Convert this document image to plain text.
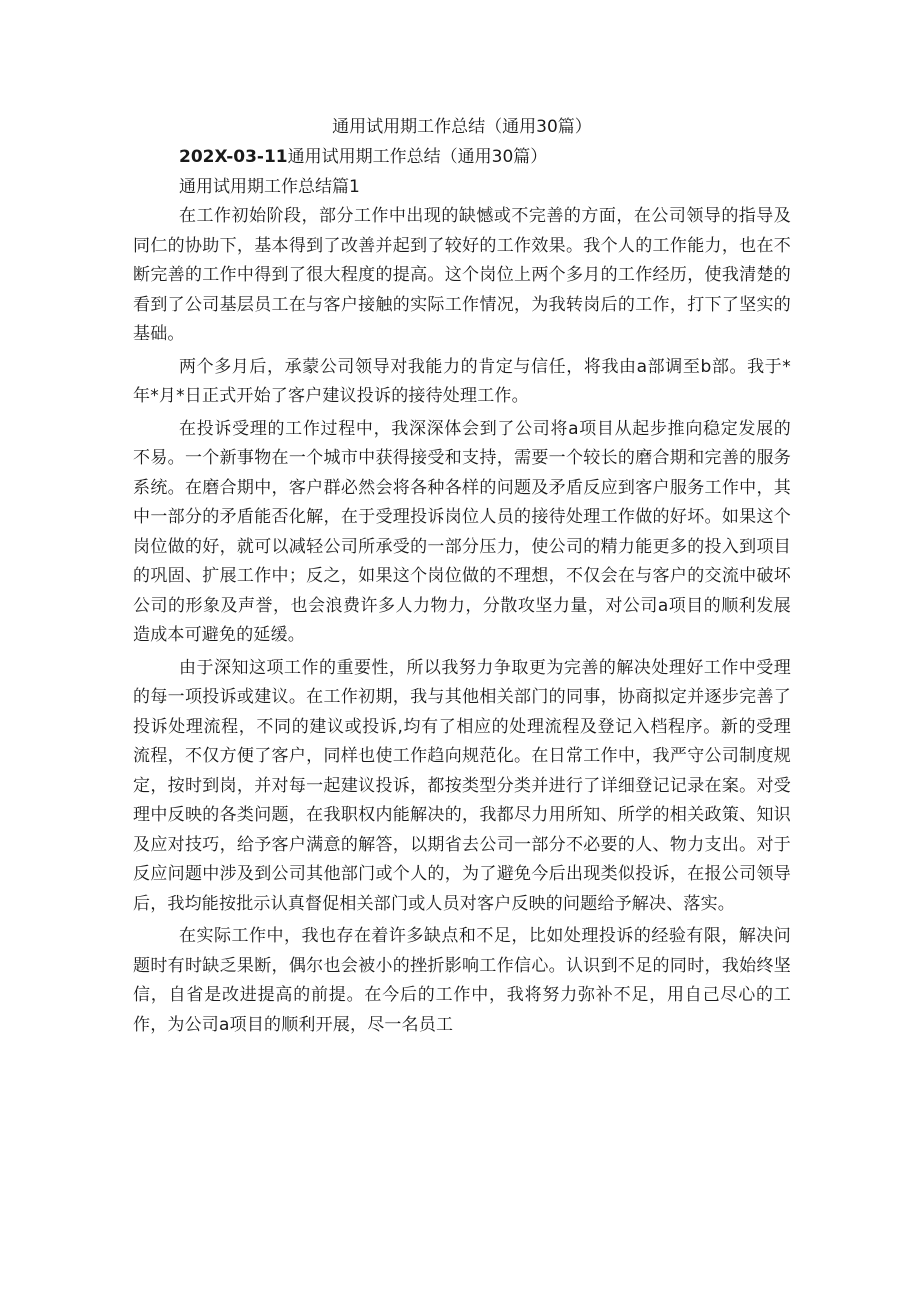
通用试用期工作总结（通用30篇）

202X-03-11通用试用期工作总结（通用30篇）

通用试用期工作总结篇1

在工作初始阶段，部分工作中出现的缺憾或不完善的方面，在公司领导的指导及同仁的协助下，基本得到了改善并起到了较好的工作效果。我个人的工作能力，也在不断完善的工作中得到了很大程度的提高。这个岗位上两个多月的工作经历，使我清楚的看到了公司基层员工在与客户接触的实际工作情况，为我转岗后的工作，打下了坚实的基础。

两个多月后，承蒙公司领导对我能力的肯定与信任，将我由a部调至b部。我于*年*月*日正式开始了客户建议投诉的接待处理工作。

在投诉受理的工作过程中，我深深体会到了公司将a项目从起步推向稳定发展的不易。一个新事物在一个城市中获得接受和支持，需要一个较长的磨合期和完善的服务系统。在磨合期中，客户群必然会将各种各样的问题及矛盾反应到客户服务工作中，其中一部分的矛盾能否化解，在于受理投诉岗位人员的接待处理工作做的好坏。如果这个岗位做的好，就可以减轻公司所承受的一部分压力，使公司的精力能更多的投入到项目的巩固、扩展工作中；反之，如果这个岗位做的不理想，不仅会在与客户的交流中破坏公司的形象及声誉，也会浪费许多人力物力，分散攻坚力量，对公司a项目的顺利发展造成本可避免的延缓。

由于深知这项工作的重要性，所以我努力争取更为完善的解决处理好工作中受理的每一项投诉或建议。在工作初期，我与其他相关部门的同事，协商拟定并逐步完善了投诉处理流程，不同的建议或投诉,均有了相应的处理流程及登记入档程序。新的受理流程，不仅方便了客户，同样也使工作趋向规范化。在日常工作中，我严守公司制度规定，按时到岗，并对每一起建议投诉，都按类型分类并进行了详细登记记录在案。对受理中反映的各类问题，在我职权内能解决的，我都尽力用所知、所学的相关政策、知识及应对技巧，给予客户满意的解答，以期省去公司一部分不必要的人、物力支出。对于反应问题中涉及到公司其他部门或个人的，为了避免今后出现类似投诉，在报公司领导后，我均能按批示认真督促相关部门或人员对客户反映的问题给予解决、落实。

在实际工作中，我也存在着许多缺点和不足，比如处理投诉的经验有限，解决问题时有时缺乏果断，偶尔也会被小的挫折影响工作信心。认识到不足的同时，我始终坚信，自省是改进提高的前提。在今后的工作中，我将努力弥补不足，用自己尽心的工作，为公司a项目的顺利开展，尽一名员工
